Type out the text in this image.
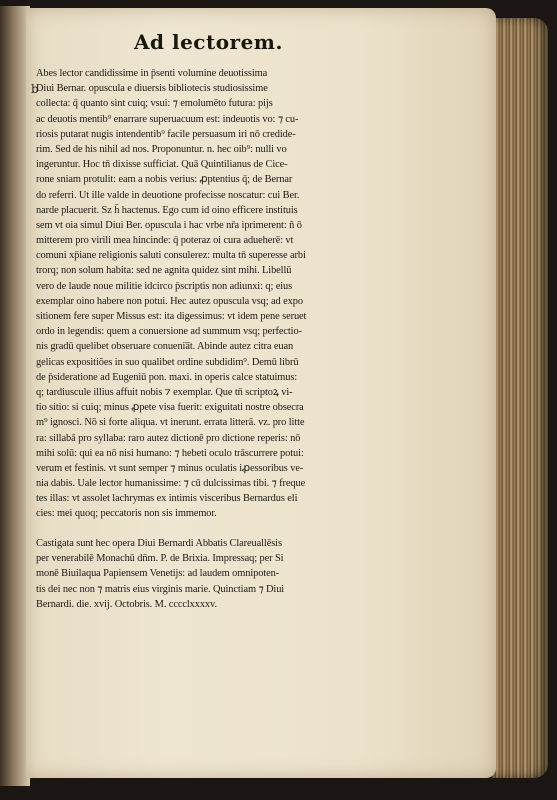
Ad lectorem.
b
Abes lector candidissime in p̄senti volumine deuotissima
Diui Bernar. opuscula e diuersis bibliotecis studiosissime
collecta: q̄ quanto sint cuiq; vsui: ⁊ emolumēto futura: pijs
ac deuotis mentib⁹ enarrare superuacuum est: indeuotis vo: ⁊ cu-
riosis putarat nugis intendentib⁹ facile persuasum iri nō credide-
rim. Sed de his nihil ad nos. Proponuntur. n. hec oib⁹: nulli vo
ingeruntur. Hoc tn̄ dixisse sufficiat. Quā Quintilianus de Cice-
rone sniam protulit: eam a nobis verius: ꝓptentius q̄; de Bernar
do referri. Ut ille valde in deuotione profecisse noscatur: cui Ber.
narde placuerit. Sz h̄ hactenus. Ego cum id oino efficere instituis
sem vt oia simul Diui Ber. opuscula i hac vrbe nr̄a iprimerent: ñ ō
mitterem pro virili mea hincinde: q̄ poteraz oi cura adueherē: vt
comuni xp̄iane religionis saluti consulerez: multa tn̄ superesse arbi
trorq; non solum habita: sed ne agnita quidez sint mihi. Libellū
vero de laude noue militie idcirco p̄scriptis non adiunxi: q; eius
exemplar oino habere non potui. Hec autez opuscula vsq; ad expo
sitionem fere super Missus est: ita digessimus: vt idem pene seruet
ordo in legendis: quem a conuersione ad summum vsq; perfectio-
nis gradū quelibet obseruare conuenia̅t. Abinde autez citra euan
gelicas expositiões in suo qualibet ordine subdidim⁹. Demū librū
de p̄sideratione ad Eugeniū pon. maxi. in operis calce statuimus:
q; tardiuscule illius affuit nobis ⁊ exemplar. Que tn̄ scriptoꝝ vi-
tio sitio: si cuiq; minus ꝓpete visa fuerit: exiguitati nostre obsecra
m⁹ ignosci. Nō si forte aliqua. vt inerunt. errata litterā. vz. pro litte
ra: sillabā pro syllaba: raro autez dictionē pro dictione reperis: nō
mihi solū: qui ea nō nisi humano: ⁊ hebeti oculo trāscurrere potui:
verum et festinis. vt sunt semper ⁊ minus oculatis iꝓessoribus ve-
nia dabis. Uale lector humanissime: ⁊ cū dulcissimas tibi. ⁊ freque
tes illas: vt assolet lachrymas ex intimis visceribus Bernardus eli
cies: mei quoq; peccatoris non sis immemor.
Castigata sunt hec opera Diui Bernardi Abbatis Clareuallēsis
per venerabilē Monachū dn̄m. P. de Brixia. Impressaq; per Si
monē Biuilaqua Papiensem Venetijs: ad laudem omnipoten-
tis dei nec non ⁊ matris eius virginis marie. Quinctiam ⁊ Diui
Bernardi. die. xvij. Octobris. M. cccclxxxxv.
